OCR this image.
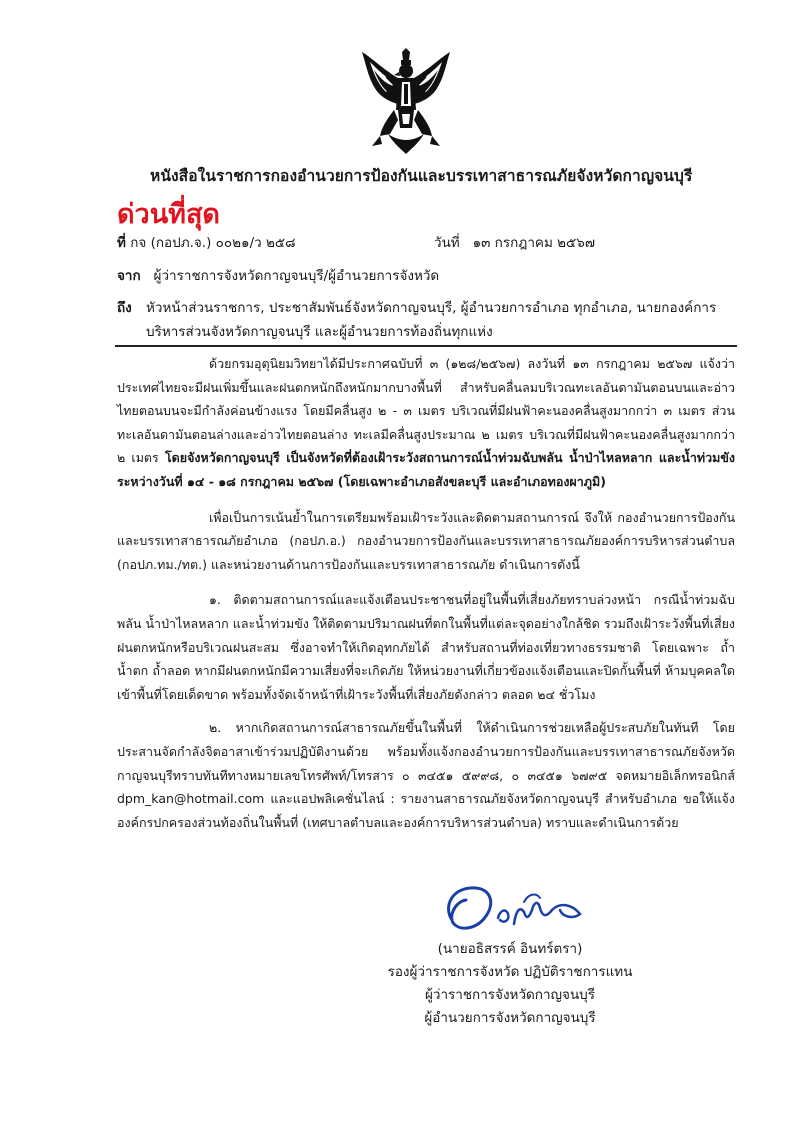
หนังสือในราชการกองอำนวยการป้องกันและบรรเทาสาธารณภัยจังหวัดกาญจนบุรี
ด่วนที่สุด
ที่ กจ (กอปภ.จ.) ๐๐๒๑/ว ๒๕๘	วันที่ ๑๓ กรกฎาคม ๒๕๖๗
จาก ผู้ว่าราชการจังหวัดกาญจนบุรี/ผู้อำนวยการจังหวัด
ถึง หัวหน้าส่วนราชการ, ประชาสัมพันธ์จังหวัดกาญจนบุรี, ผู้อำนวยการอำเภอ ทุกอำเภอ, นายกองค์การบริหารส่วนจังหวัดกาญจนบุรี และผู้อำนวยการท้องถิ่นทุกแห่ง

ด้วยกรมอุตุนิยมวิทยาได้มีประกาศฉบับที่ ๓ (๑๒๘/๒๕๖๗) ลงวันที่ ๑๓ กรกฎาคม ๒๕๖๗ แจ้งว่า ประเทศไทยจะมีฝนเพิ่มขึ้นและฝนตกหนักถึงหนักมากบางพื้นที่ สำหรับคลื่นลมบริเวณทะเลอันดามันตอนบนและอ่าวไทยตอนบนจะมีกำลังค่อนข้างแรง โดยมีคลื่นสูง ๒ - ๓ เมตร บริเวณที่มีฝนฟ้าคะนองคลื่นสูงมากกว่า ๓ เมตร ส่วนทะเลอันดามันตอนล่างและอ่าวไทยตอนล่าง ทะเลมีคลื่นสูงประมาณ ๒ เมตร บริเวณที่มีฝนฟ้าคะนองคลื่นสูงมากกว่า ๒ เมตร โดยจังหวัดกาญจนบุรี เป็นจังหวัดที่ต้องเฝ้าระวังสถานการณ์น้ำท่วมฉับพลัน น้ำป่าไหลหลาก และน้ำท่วมขัง ระหว่างวันที่ ๑๔ - ๑๘ กรกฎาคม ๒๕๖๗ (โดยเฉพาะอำเภอสังขละบุรี และอำเภอทองผาภูมิ)

เพื่อเป็นการเน้นย้ำในการเตรียมพร้อมเฝ้าระวังและติดตามสถานการณ์ จึงให้ กองอำนวยการป้องกันและบรรเทาสาธารณภัยอำเภอ (กอปภ.อ.) กองอำนวยการป้องกันและบรรเทาสาธารณภัยองค์การบริหารส่วนตำบล (กอปภ.ทม./ทต.) และหน่วยงานด้านการป้องกันและบรรเทาสาธารณภัย ดำเนินการดังนี้

๑. ติดตามสถานการณ์และแจ้งเตือนประชาชนที่อยู่ในพื้นที่เสี่ยงภัยทราบล่วงหน้า กรณีน้ำท่วมฉับพลัน น้ำป่าไหลหลาก และน้ำท่วมขัง ให้ติดตามปริมาณฝนที่ตกในพื้นที่แต่ละจุดอย่างใกล้ชิด รวมถึงเฝ้าระวังพื้นที่เสี่ยงฝนตกหนักหรือบริเวณฝนสะสม ซึ่งอาจทำให้เกิดอุทกภัยได้ สำหรับสถานที่ท่องเที่ยวทางธรรมชาติ โดยเฉพาะ ถ้ำน้ำตก ถ้ำลอด หากมีฝนตกหนักมีความเสี่ยงที่จะเกิดภัย ให้หน่วยงานที่เกี่ยวข้องแจ้งเตือนและปิดกั้นพื้นที่ ห้ามบุคคลใดเข้าพื้นที่โดยเด็ดขาด พร้อมทั้งจัดเจ้าหน้าที่เฝ้าระวังพื้นที่เสี่ยงภัยดังกล่าว ตลอด ๒๔ ชั่วโมง

๒. หากเกิดสถานการณ์สาธารณภัยขึ้นในพื้นที่ ให้ดำเนินการช่วยเหลือผู้ประสบภัยในทันที โดยประสานจัดกำลังจิตอาสาเข้าร่วมปฏิบัติงานด้วย พร้อมทั้งแจ้งกองอำนวยการป้องกันและบรรเทาสาธารณภัยจังหวัดกาญจนบุรีทราบทันทีทางหมายเลขโทรศัพท์/โทรสาร ๐ ๓๔๕๑ ๕๙๙๘, ๐ ๓๔๕๑ ๖๗๙๕ จดหมายอิเล็กทรอนิกส์ dpm_kan@hotmail.com และแอปพลิเคชั่นไลน์ : รายงานสาธารณภัยจังหวัดกาญจนบุรี สำหรับอำเภอ ขอให้แจ้งองค์กรปกครองส่วนท้องถิ่นในพื้นที่ (เทศบาลตำบลและองค์การบริหารส่วนตำบล) ทราบและดำเนินการด้วย

(นายอธิสรรค์ อินทร์ตรา)
รองผู้ว่าราชการจังหวัด ปฏิบัติราชการแทน
ผู้ว่าราชการจังหวัดกาญจนบุรี
ผู้อำนวยการจังหวัดกาญจนบุรี
